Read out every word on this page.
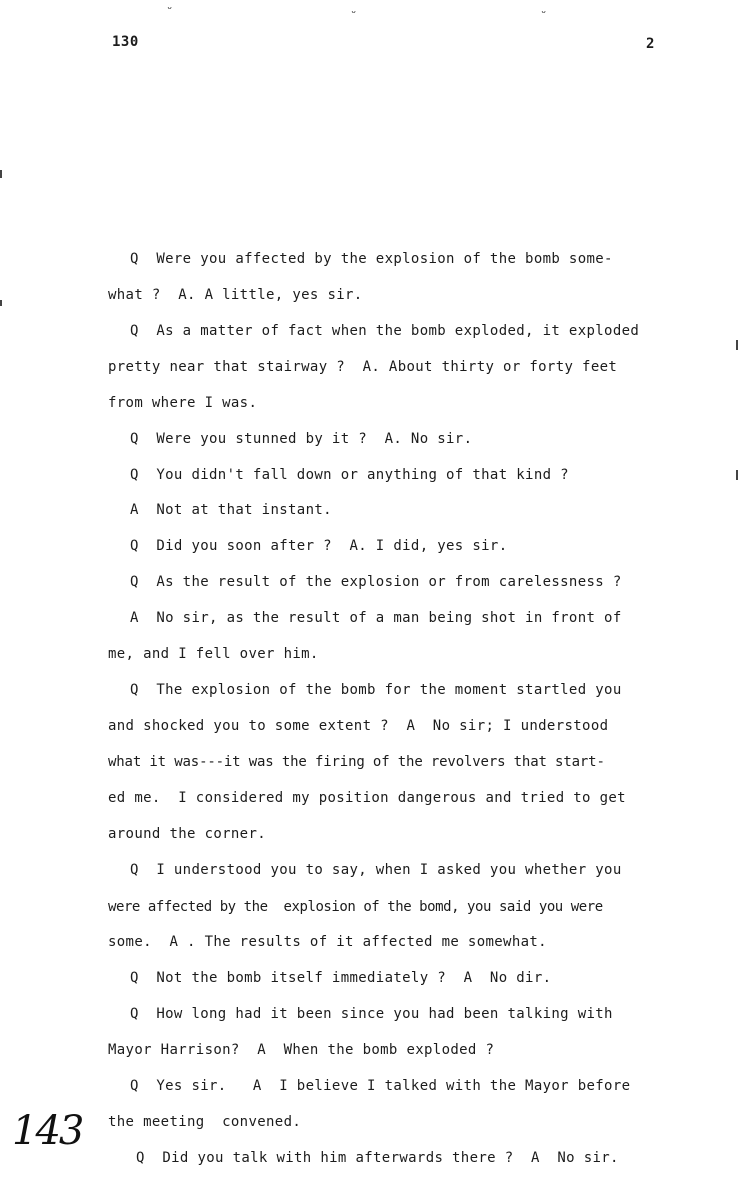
ᵕ	ᵕ	ᵕ
130	2
Q  Were you affected by the explosion of the bomb some-
what ?  A. A little, yes sir.
Q  As a matter of fact when the bomb exploded, it exploded
pretty near that stairway ?  A. About thirty or forty feet
from where I was.
Q  Were you stunned by it ?  A. No sir.
Q  You didn't fall down or anything of that kind ?
A  Not at that instant.
Q  Did you soon after ?  A. I did, yes sir.
Q  As the result of the explosion or from carelessness ?
A  No sir, as the result of a man being shot in front of
me, and I fell over him.
Q  The explosion of the bomb for the moment startled you
and shocked you to some extent ?  A  No sir; I understood
what it was---it was the firing of the revolvers that start-
ed me.  I considered my position dangerous and tried to get
around the corner.
Q  I understood you to say, when I asked you whether you
were affected by the  explosion of the bomd, you said you were
some.  A . The results of it affected me somewhat.
Q  Not the bomb itself immediately ?  A  No dir.
Q  How long had it been since you had been talking with
Mayor Harrison?  A  When the bomb exploded ?
Q  Yes sir.   A  I believe I talked with the Mayor before
the meeting  convened.
Q  Did you talk with him afterwards there ?  A  No sir.
143
